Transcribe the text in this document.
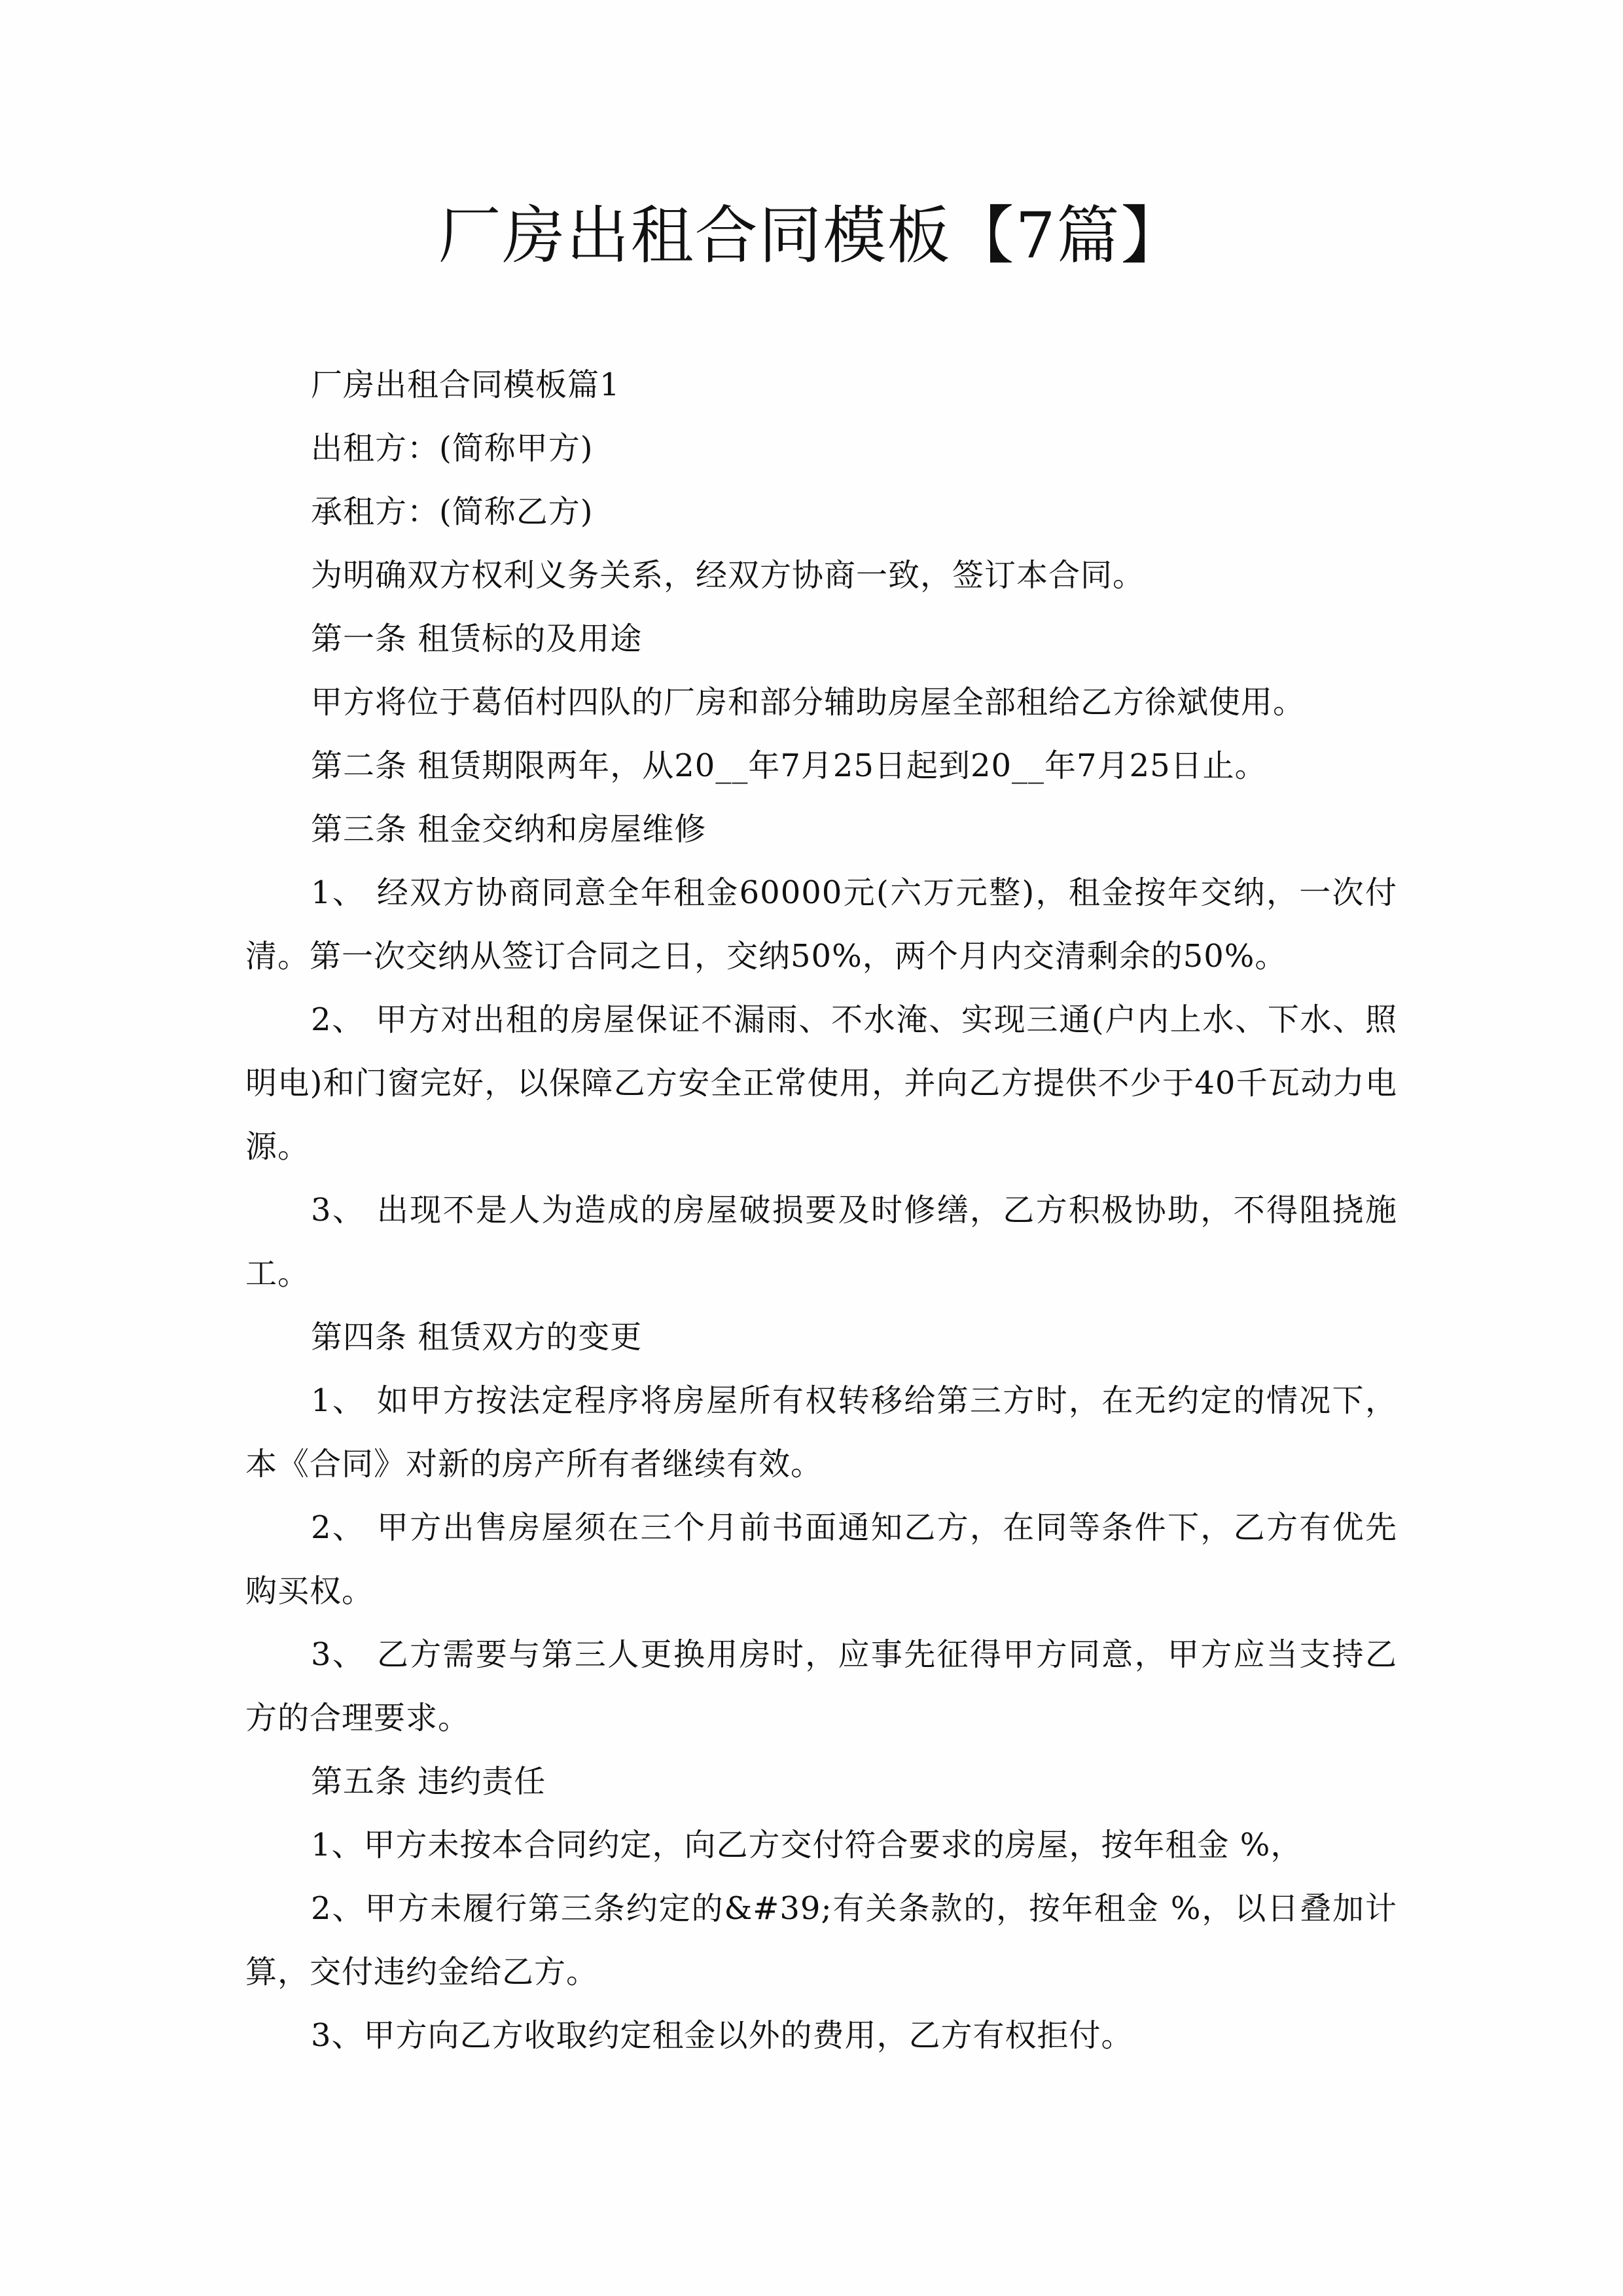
厂房出租合同模板【7篇】

厂房出租合同模板篇1

出租方：(简称甲方)

承租方：(简称乙方)

为明确双方权利义务关系，经双方协商一致，签订本合同。

第一条 租赁标的及用途

甲方将位于葛佰村四队的厂房和部分辅助房屋全部租给乙方徐斌使用。

第二条 租赁期限两年，从20__年7月25日起到20__年7月25日止。

第三条 租金交纳和房屋维修

1、 经双方协商同意全年租金60000元(六万元整)，租金按年交纳，一次付清。第一次交纳从签订合同之日，交纳50%，两个月内交清剩余的50%。

2、 甲方对出租的房屋保证不漏雨、不水淹、实现三通(户内上水、下水、照明电)和门窗完好，以保障乙方安全正常使用，并向乙方提供不少于40千瓦动力电源。

3、 出现不是人为造成的房屋破损要及时修缮，乙方积极协助，不得阻挠施工。

第四条 租赁双方的变更

1、 如甲方按法定程序将房屋所有权转移给第三方时，在无约定的情况下，本《合同》对新的房产所有者继续有效。

2、 甲方出售房屋须在三个月前书面通知乙方，在同等条件下，乙方有优先购买权。

3、 乙方需要与第三人更换用房时，应事先征得甲方同意，甲方应当支持乙方的合理要求。

第五条 违约责任

1、甲方未按本合同约定，向乙方交付符合要求的房屋，按年租金 %，

2、甲方未履行第三条约定的&#39;有关条款的，按年租金 %，以日叠加计算，交付违约金给乙方。

3、甲方向乙方收取约定租金以外的费用，乙方有权拒付。
